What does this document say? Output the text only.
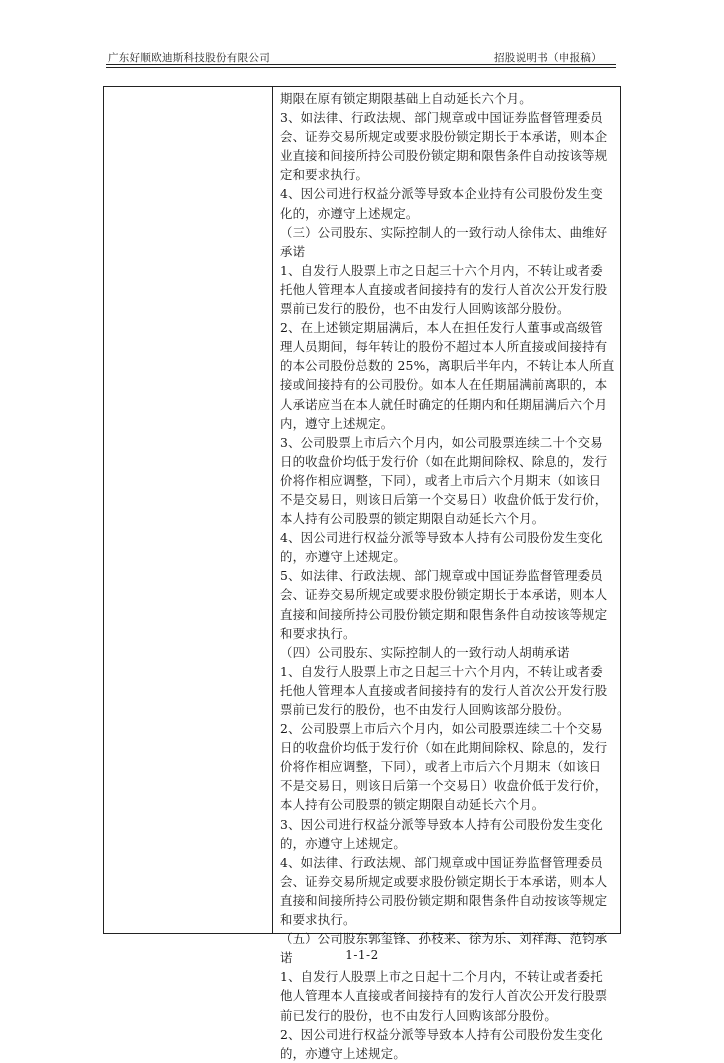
广东好顺欧迪斯科技股份有限公司	招股说明书（申报稿）
期限在原有锁定期限基础上自动延长六个月。
3、如法律、行政法规、部门规章或中国证券监督管理委员
会、证券交易所规定或要求股份锁定期长于本承诺，则本企
业直接和间接所持公司股份锁定期和限售条件自动按该等规
定和要求执行。
4、因公司进行权益分派等导致本企业持有公司股份发生变
化的，亦遵守上述规定。
（三）公司股东、实际控制人的一致行动人徐伟太、曲维好
承诺
1、自发行人股票上市之日起三十六个月内，不转让或者委
托他人管理本人直接或者间接持有的发行人首次公开发行股
票前已发行的股份，也不由发行人回购该部分股份。
2、在上述锁定期届满后，本人在担任发行人董事或高级管
理人员期间，每年转让的股份不超过本人所直接或间接持有
的本公司股份总数的 25%，离职后半年内，不转让本人所直
接或间接持有的公司股份。如本人在任期届满前离职的，本
人承诺应当在本人就任时确定的任期内和任期届满后六个月
内，遵守上述规定。
3、公司股票上市后六个月内，如公司股票连续二十个交易
日的收盘价均低于发行价（如在此期间除权、除息的，发行
价将作相应调整，下同），或者上市后六个月期末（如该日
不是交易日，则该日后第一个交易日）收盘价低于发行价，
本人持有公司股票的锁定期限自动延长六个月。
4、因公司进行权益分派等导致本人持有公司股份发生变化
的，亦遵守上述规定。
5、如法律、行政法规、部门规章或中国证券监督管理委员
会、证券交易所规定或要求股份锁定期长于本承诺，则本人
直接和间接所持公司股份锁定期和限售条件自动按该等规定
和要求执行。
（四）公司股东、实际控制人的一致行动人胡萌承诺
1、自发行人股票上市之日起三十六个月内，不转让或者委
托他人管理本人直接或者间接持有的发行人首次公开发行股
票前已发行的股份，也不由发行人回购该部分股份。
2、公司股票上市后六个月内，如公司股票连续二十个交易
日的收盘价均低于发行价（如在此期间除权、除息的，发行
价将作相应调整，下同），或者上市后六个月期末（如该日
不是交易日，则该日后第一个交易日）收盘价低于发行价，
本人持有公司股票的锁定期限自动延长六个月。
3、因公司进行权益分派等导致本人持有公司股份发生变化
的，亦遵守上述规定。
4、如法律、行政法规、部门规章或中国证券监督管理委员
会、证券交易所规定或要求股份锁定期长于本承诺，则本人
直接和间接所持公司股份锁定期和限售条件自动按该等规定
和要求执行。
（五）公司股东郭玺锋、孙枝来、徐为乐、刘祥海、范钧承
诺
1、自发行人股票上市之日起十二个月内，不转让或者委托
他人管理本人直接或者间接持有的发行人首次公开发行股票
前已发行的股份，也不由发行人回购该部分股份。
2、因公司进行权益分派等导致本人持有公司股份发生变化
的，亦遵守上述规定。
1-1-2
